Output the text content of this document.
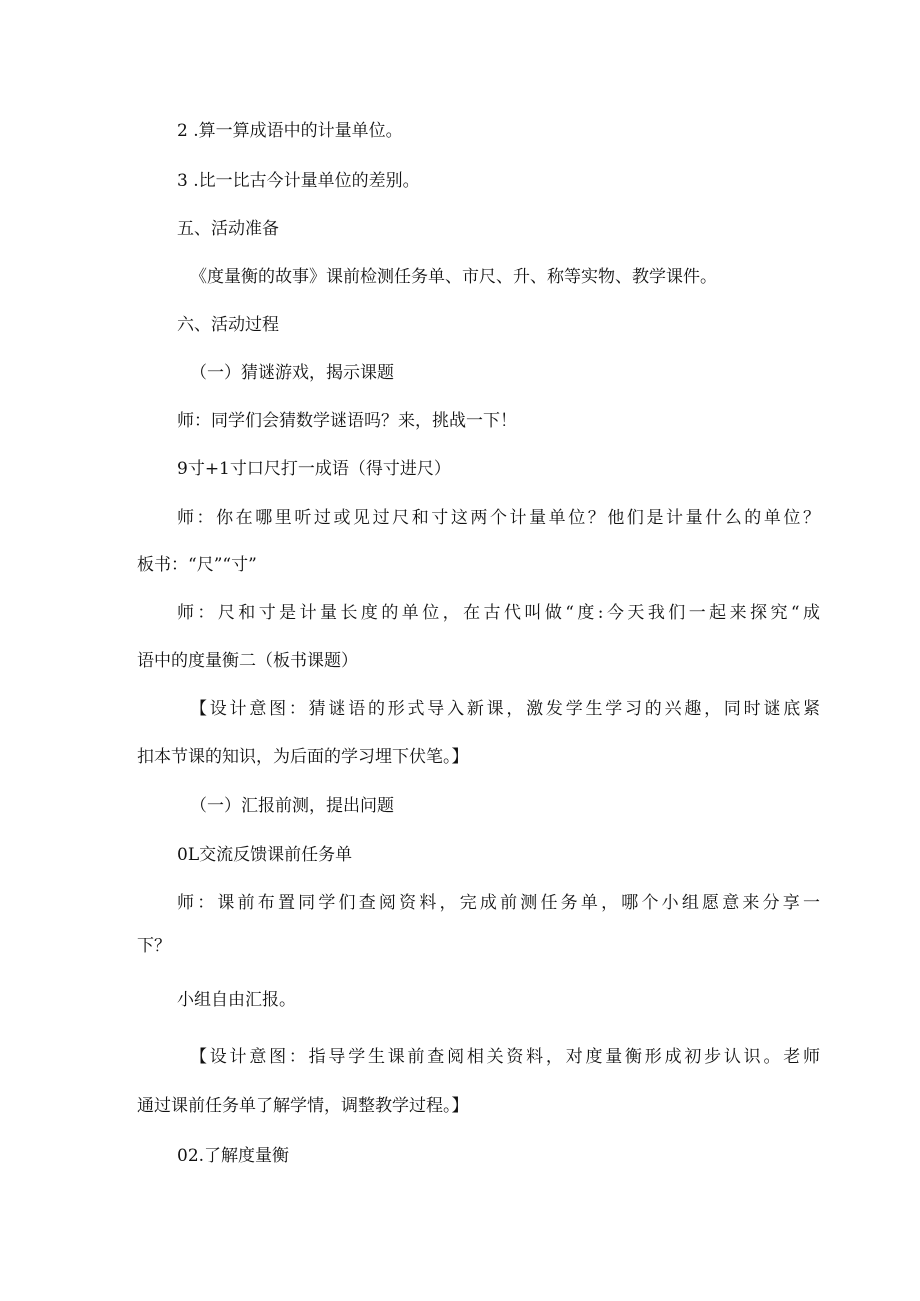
2 .算一算成语中的计量单位。
3 .比一比古今计量单位的差别。
五、活动准备
《度量衡的故事》课前检测任务单、市尺、升、称等实物、教学课件。
六、活动过程
（一）猜谜游戏，揭示课题
师：同学们会猜数学谜语吗？来，挑战一下！
9寸+1寸口尺打一成语（得寸进尺）
师：你在哪里听过或见过尺和寸这两个计量单位？他们是计量什么的单位？
板书：“尺”“寸”
师：尺和寸是计量长度的单位，在古代叫做“度:今天我们一起来探究“成
语中的度量衡二（板书课题）
【设计意图：猜谜语的形式导入新课，激发学生学习的兴趣，同时谜底紧
扣本节课的知识，为后面的学习埋下伏笔。】
（一）汇报前测，提出问题
0L交流反馈课前任务单
师：课前布置同学们查阅资料，完成前测任务单，哪个小组愿意来分享一
下？
小组自由汇报。
【设计意图：指导学生课前查阅相关资料，对度量衡形成初步认识。老师
通过课前任务单了解学情，调整教学过程。】
02.了解度量衡
